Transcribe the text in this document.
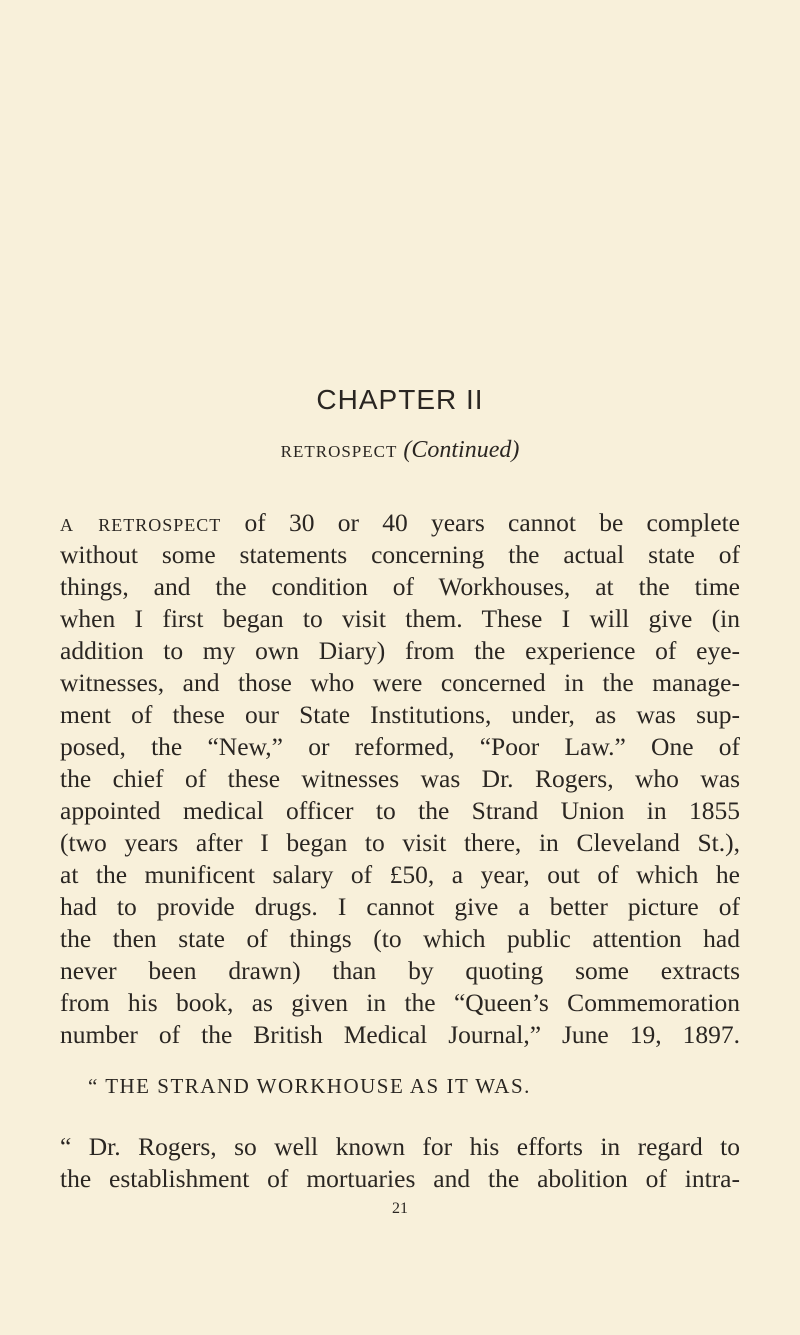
CHAPTER II
retrospect (Continued)
a retrospect of 30 or 40 years cannot be complete
without some statements concerning the actual state of
things, and the condition of Workhouses, at the time
when I first began to visit them. These I will give (in
addition to my own Diary) from the experience of eye-
witnesses, and those who were concerned in the manage-
ment of these our State Institutions, under, as was sup-
posed, the “New,” or reformed, “Poor Law.” One of
the chief of these witnesses was Dr. Rogers, who was
appointed medical officer to the Strand Union in 1855
(two years after I began to visit there, in Cleveland St.),
at the munificent salary of £50, a year, out of which he
had to provide drugs. I cannot give a better picture of
the then state of things (to which public attention had
never been drawn) than by quoting some extracts
from his book, as given in the “Queen’s Commemoration
number of the British Medical Journal,” June 19, 1897.
“ THE STRAND WORKHOUSE AS IT WAS.
“ Dr. Rogers, so well known for his efforts in regard to
the establishment of mortuaries and the abolition of intra-
21
